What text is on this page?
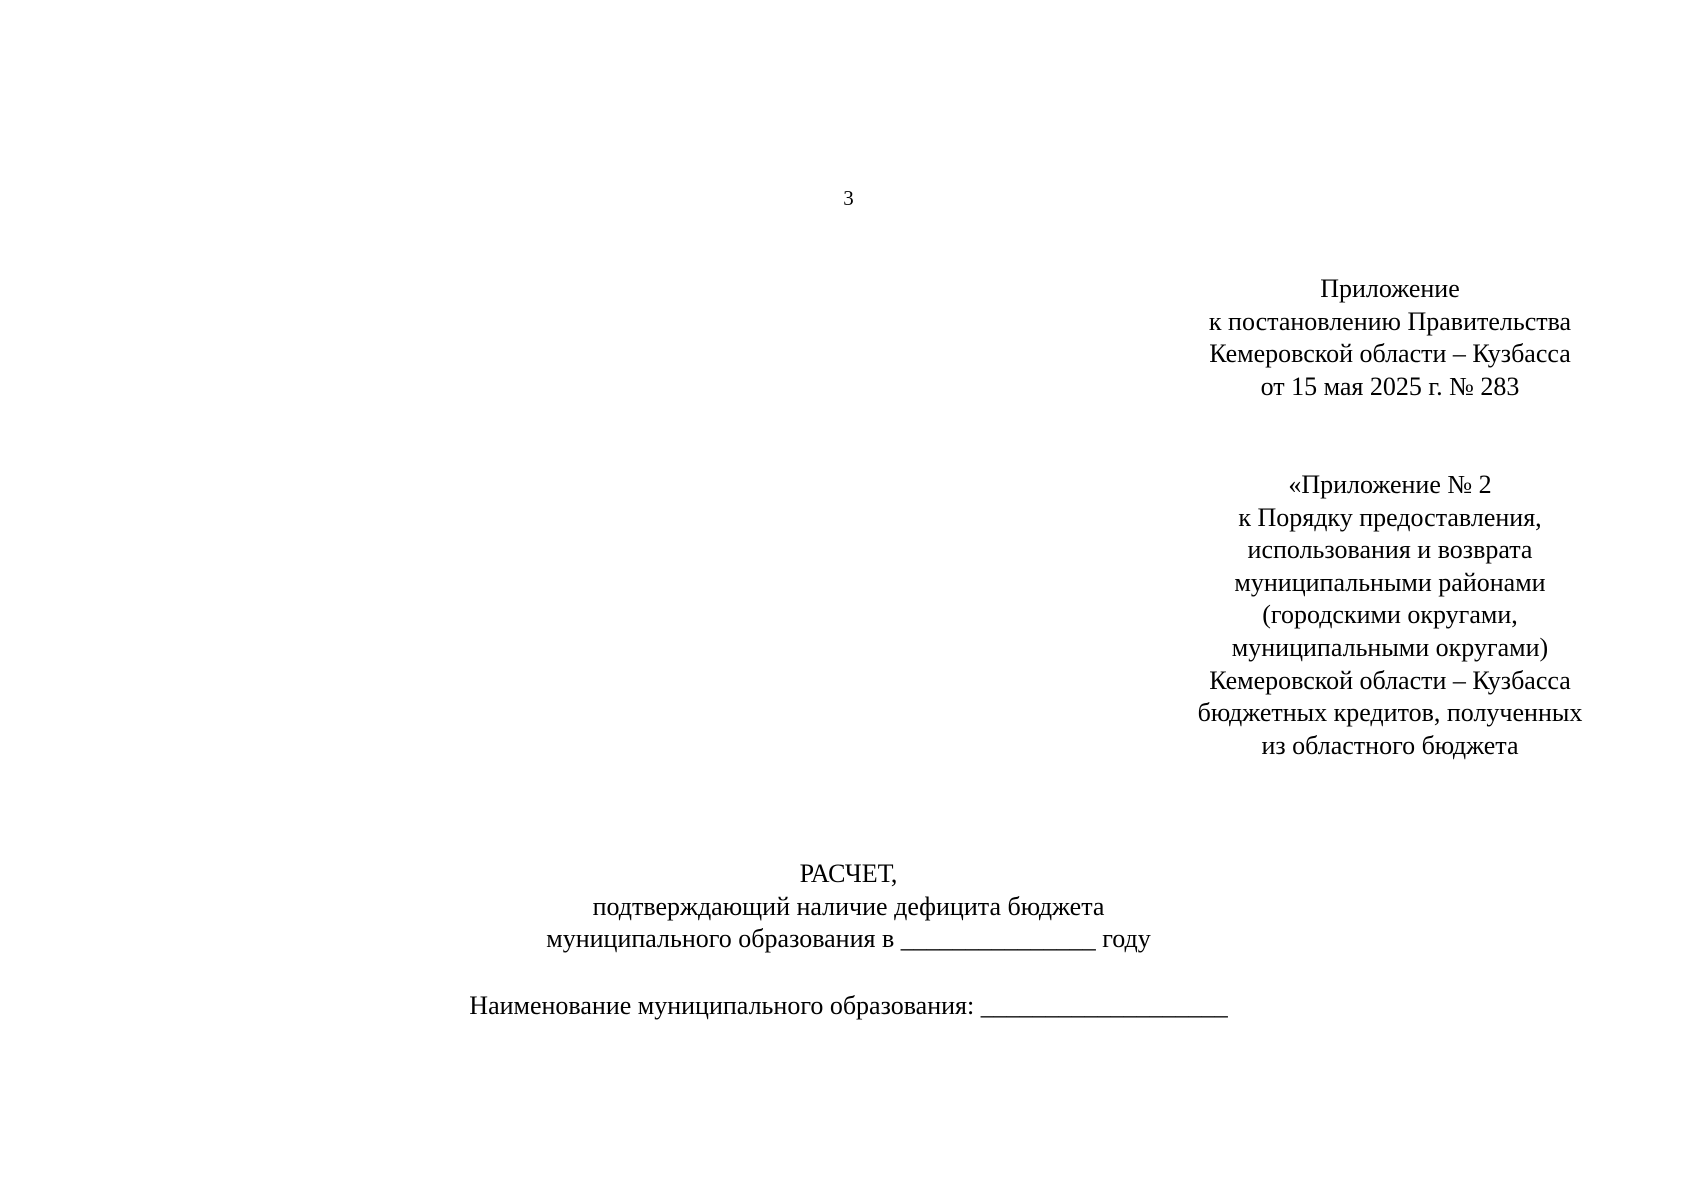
3
Приложение
к постановлению Правительства
Кемеровской области – Кузбасса
от 15 мая 2025 г. № 283
«Приложение № 2
к Порядку предоставления,
использования и возврата
муниципальными районами
(городскими округами,
муниципальными округами)
Кемеровской области – Кузбасса
бюджетных кредитов, полученных
из областного бюджета
РАСЧЕТ,
подтверждающий наличие дефицита бюджета
муниципального образования в _______________ году
Наименование муниципального образования: ___________________
